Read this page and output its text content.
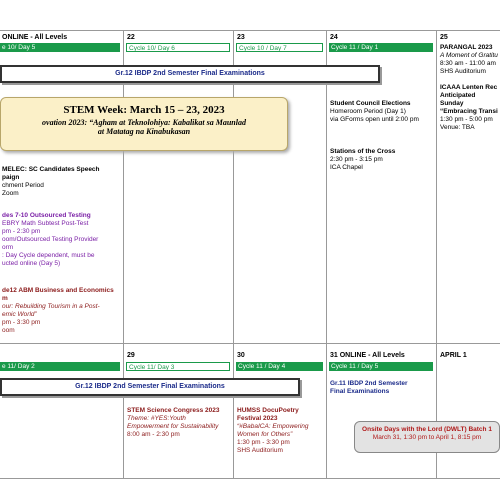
ONLINE - All Levels
e 10/ Day 5
22
Cycle 10/ Day 6
23
Cycle 10 / Day 7
24
Cycle 11 / Day 1
25
Gr.12 IBDP 2nd Semester Final Examinations
STEM Week: March 15 – 23, 2023
ovation 2023: “Agham at Teknolohiya: Kabalikat sa Maunlad
at Matatag na Kinabukasan
MELEC: SC Candidates Speech
paign
chment Period
Zoom
des 7-10 Outsourced Testing
EBRY Math Subtest Post-Test
pm - 2:30 pm
oom/Outsourced Testing Provider
orm
: Day Cycle dependent, must be
ucted online (Day 5)
de12 ABM Business and Economics
m
our: Rebuilding Tourism in a Post-
emic World”
pm - 3:30 pm
oom
Student Council Elections
Homeroom Period (Day 1)
via GForms open until 2:00 pm
Stations of the Cross
2:30 pm - 3:15 pm
ICA Chapel
PARANGAL 2023
A Moment of Gratitu
8:30 am - 11:00 am
SHS Auditorium
ICAAA Lenten Rec
Anticipated Sunday
“Embracing Transi
1:30 pm - 5:00 pm
Venue: TBA
e 11/ Day 2
29
Cycle 11/ Day 3
30
Cycle 11 / Day 4
31 ONLINE - All Levels
Cycle 11 / Day 5
APRIL 1
Gr.12 IBDP 2nd Semester Final Examinations
STEM Science Congress 2023
Theme: #YES:Youth
Empowerment for Sustainability
8:00 am - 2:30 pm
HUMSS DocuPoetry
Festival 2023
“#BabaICA: Empowering
Women for Others”
1:30 pm - 3:30 pm
SHS Auditorium
Gr.11 IBDP 2nd Semester
Final Examinations
Onsite Days with the Lord (DWLT) Batch 1
March 31, 1:30 pm to April 1, 8:15 pm
